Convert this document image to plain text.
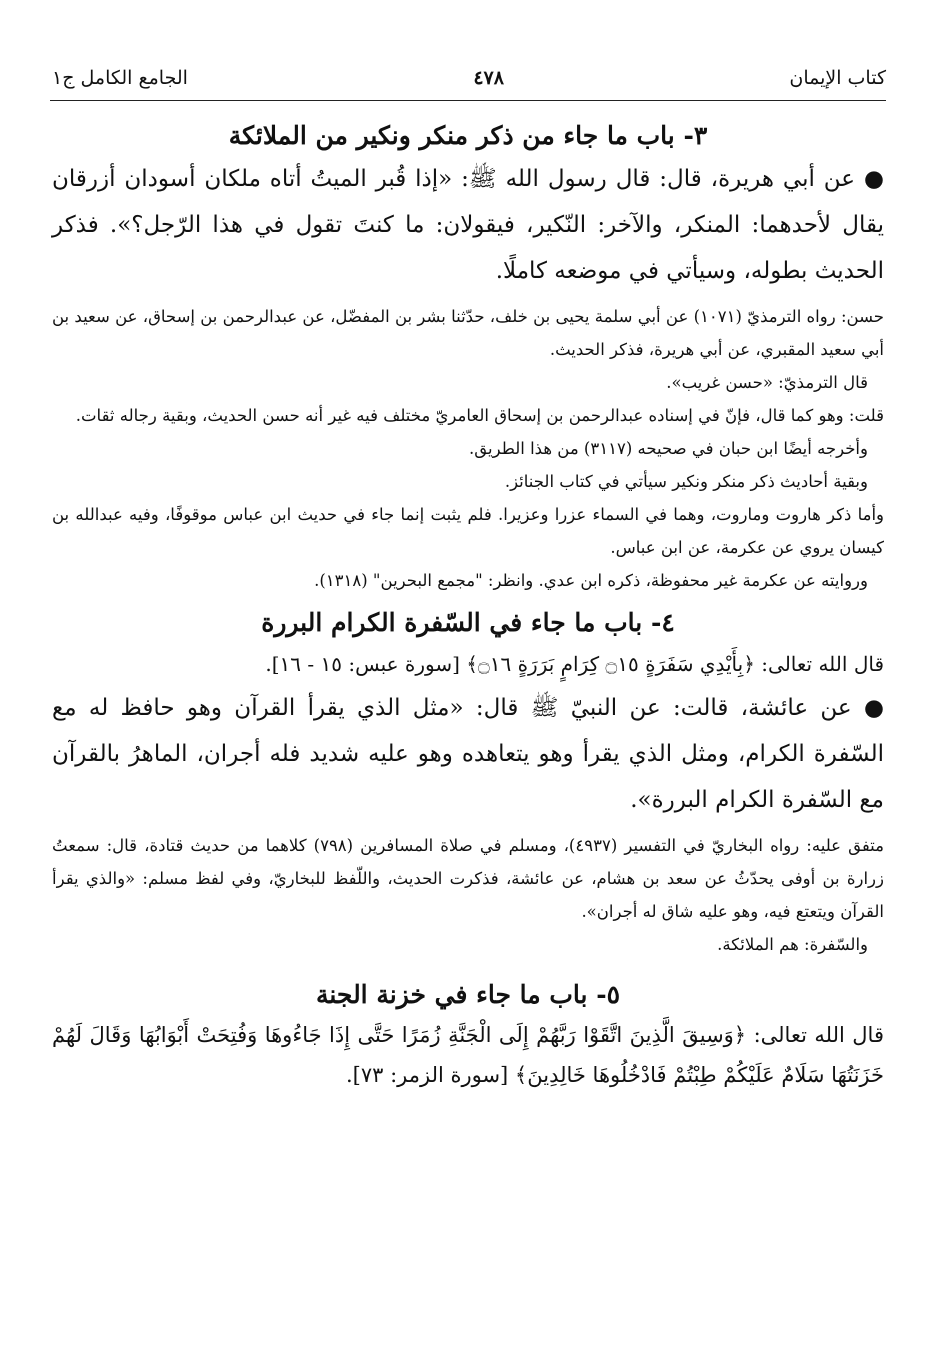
كتاب الإيمان
٤٧٨
الجامع الكامل ج١
٣- باب ما جاء من ذكر منكر ونكير من الملائكة

● عن أبي هريرة، قال: قال رسول الله ﷺ: «إذا قُبر الميتُ أتاه ملكان أسودان أزرقان يقال لأحدهما: المنكر، والآخر: النّكير، فيقولان: ما كنتَ تقول في هذا الرّجل؟». فذكر الحديث بطوله، وسيأتي في موضعه كاملًا.

حسن: رواه الترمذيّ (١٠٧١) عن أبي سلمة يحيى بن خلف، حدّثنا بشر بن المفضّل، عن عبدالرحمن بن إسحاق، عن سعيد بن أبي سعيد المقبري، عن أبي هريرة، فذكر الحديث.

قال الترمذيّ: «حسن غريب».

قلت: وهو كما قال، فإنّ في إسناده عبدالرحمن بن إسحاق العامريّ مختلف فيه غير أنه حسن الحديث، وبقية رجاله ثقات.

وأخرجه أيضًا ابن حبان في صحيحه (٣١١٧) من هذا الطريق.

وبقية أحاديث ذكر منكر ونكير سيأتي في كتاب الجنائز.

وأما ذكر هاروت وماروت، وهما في السماء عزرا وعزيرا. فلم يثبت إنما جاء في حديث ابن عباس موقوفًا، وفيه عبدالله بن كيسان يروي عن عكرمة، عن ابن عباس.

وروايته عن عكرمة غير محفوظة، ذكره ابن عدي. وانظر: "مجمع البحرين" (١٣١٨).

٤- باب ما جاء في السّفرة الكرام البررة

قال الله تعالى: ﴿بِأَيْدِي سَفَرَةٍ ۝١٥ كِرَامٍ بَرَرَةٍ ۝١٦﴾ [سورة عبس: ١٥ - ١٦].

● عن عائشة، قالت: عن النبيّ ﷺ قال: «مثل الذي يقرأ القرآن وهو حافظ له مع السّفرة الكرام، ومثل الذي يقرأ وهو يتعاهده وهو عليه شديد فله أجران، الماهرُ بالقرآن مع السّفرة الكرام البررة».

متفق عليه: رواه البخاريّ في التفسير (٤٩٣٧)، ومسلم في صلاة المسافرين (٧٩٨) كلاهما من حديث قتادة، قال: سمعتُ زرارة بن أوفى يحدّثُ عن سعد بن هشام، عن عائشة، فذكرت الحديث، واللّفظ للبخاريّ، وفي لفظ مسلم: «والذي يقرأ القرآن ويتعتع فيه، وهو عليه شاق له أجران».

والسّفرة: هم الملائكة.

٥- باب ما جاء في خزنة الجنة

قال الله تعالى: ﴿وَسِيقَ الَّذِينَ اتَّقَوْا رَبَّهُمْ إِلَى الْجَنَّةِ زُمَرًا حَتَّى إِذَا جَاءُوهَا وَفُتِحَتْ أَبْوَابُهَا وَقَالَ لَهُمْ خَزَنَتُهَا سَلَامٌ عَلَيْكُمْ طِبْتُمْ فَادْخُلُوهَا خَالِدِينَ﴾ [سورة الزمر: ٧٣].
